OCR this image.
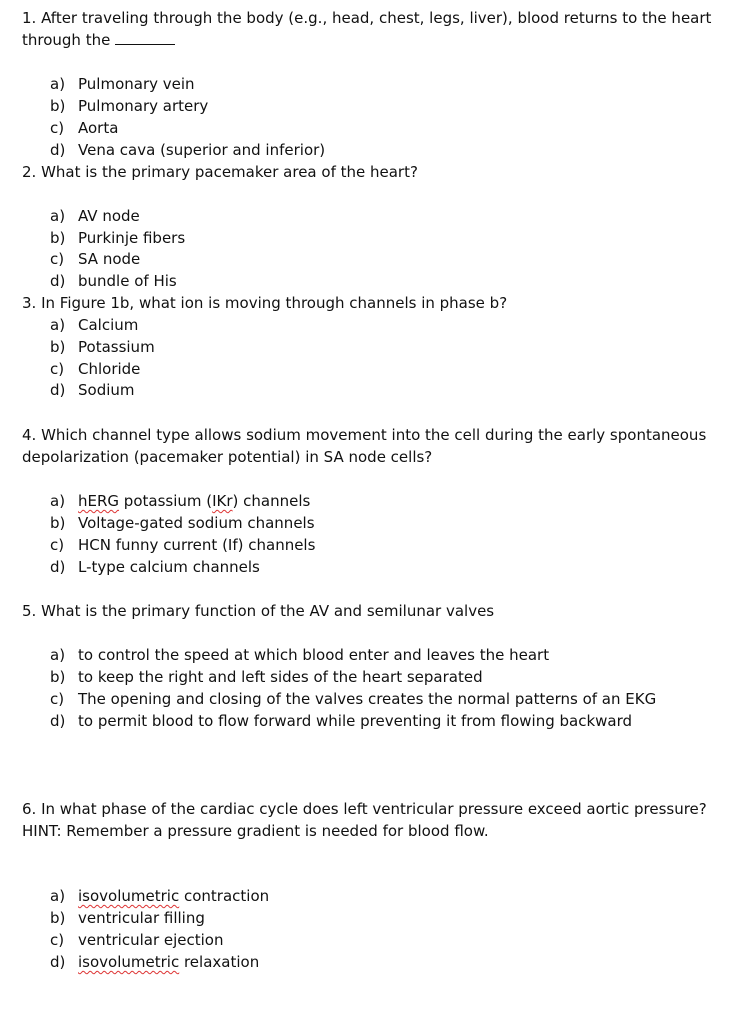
1. After traveling through the body (e.g., head, chest, legs, liver), blood returns to the heart
through the
a) Pulmonary vein
b) Pulmonary artery
c) Aorta
d) Vena cava (superior and inferior)
2. What is the primary pacemaker area of the heart?
a) AV node
b) Purkinje fibers
c) SA node
d) bundle of His
3. In Figure 1b, what ion is moving through channels in phase b?
a) Calcium
b) Potassium
c) Chloride
d) Sodium
4. Which channel type allows sodium movement into the cell during the early spontaneous
depolarization (pacemaker potential) in SA node cells?
a) hERG potassium (IKr) channels
b) Voltage-gated sodium channels
c) HCN funny current (If) channels
d) L-type calcium channels
5. What is the primary function of the AV and semilunar valves
a) to control the speed at which blood enter and leaves the heart
b) to keep the right and left sides of the heart separated
c) The opening and closing of the valves creates the normal patterns of an EKG
d) to permit blood to flow forward while preventing it from flowing backward
6. In what phase of the cardiac cycle does left ventricular pressure exceed aortic pressure?
HINT: Remember a pressure gradient is needed for blood flow.
a) isovolumetric contraction
b) ventricular filling
c) ventricular ejection
d) isovolumetric relaxation
